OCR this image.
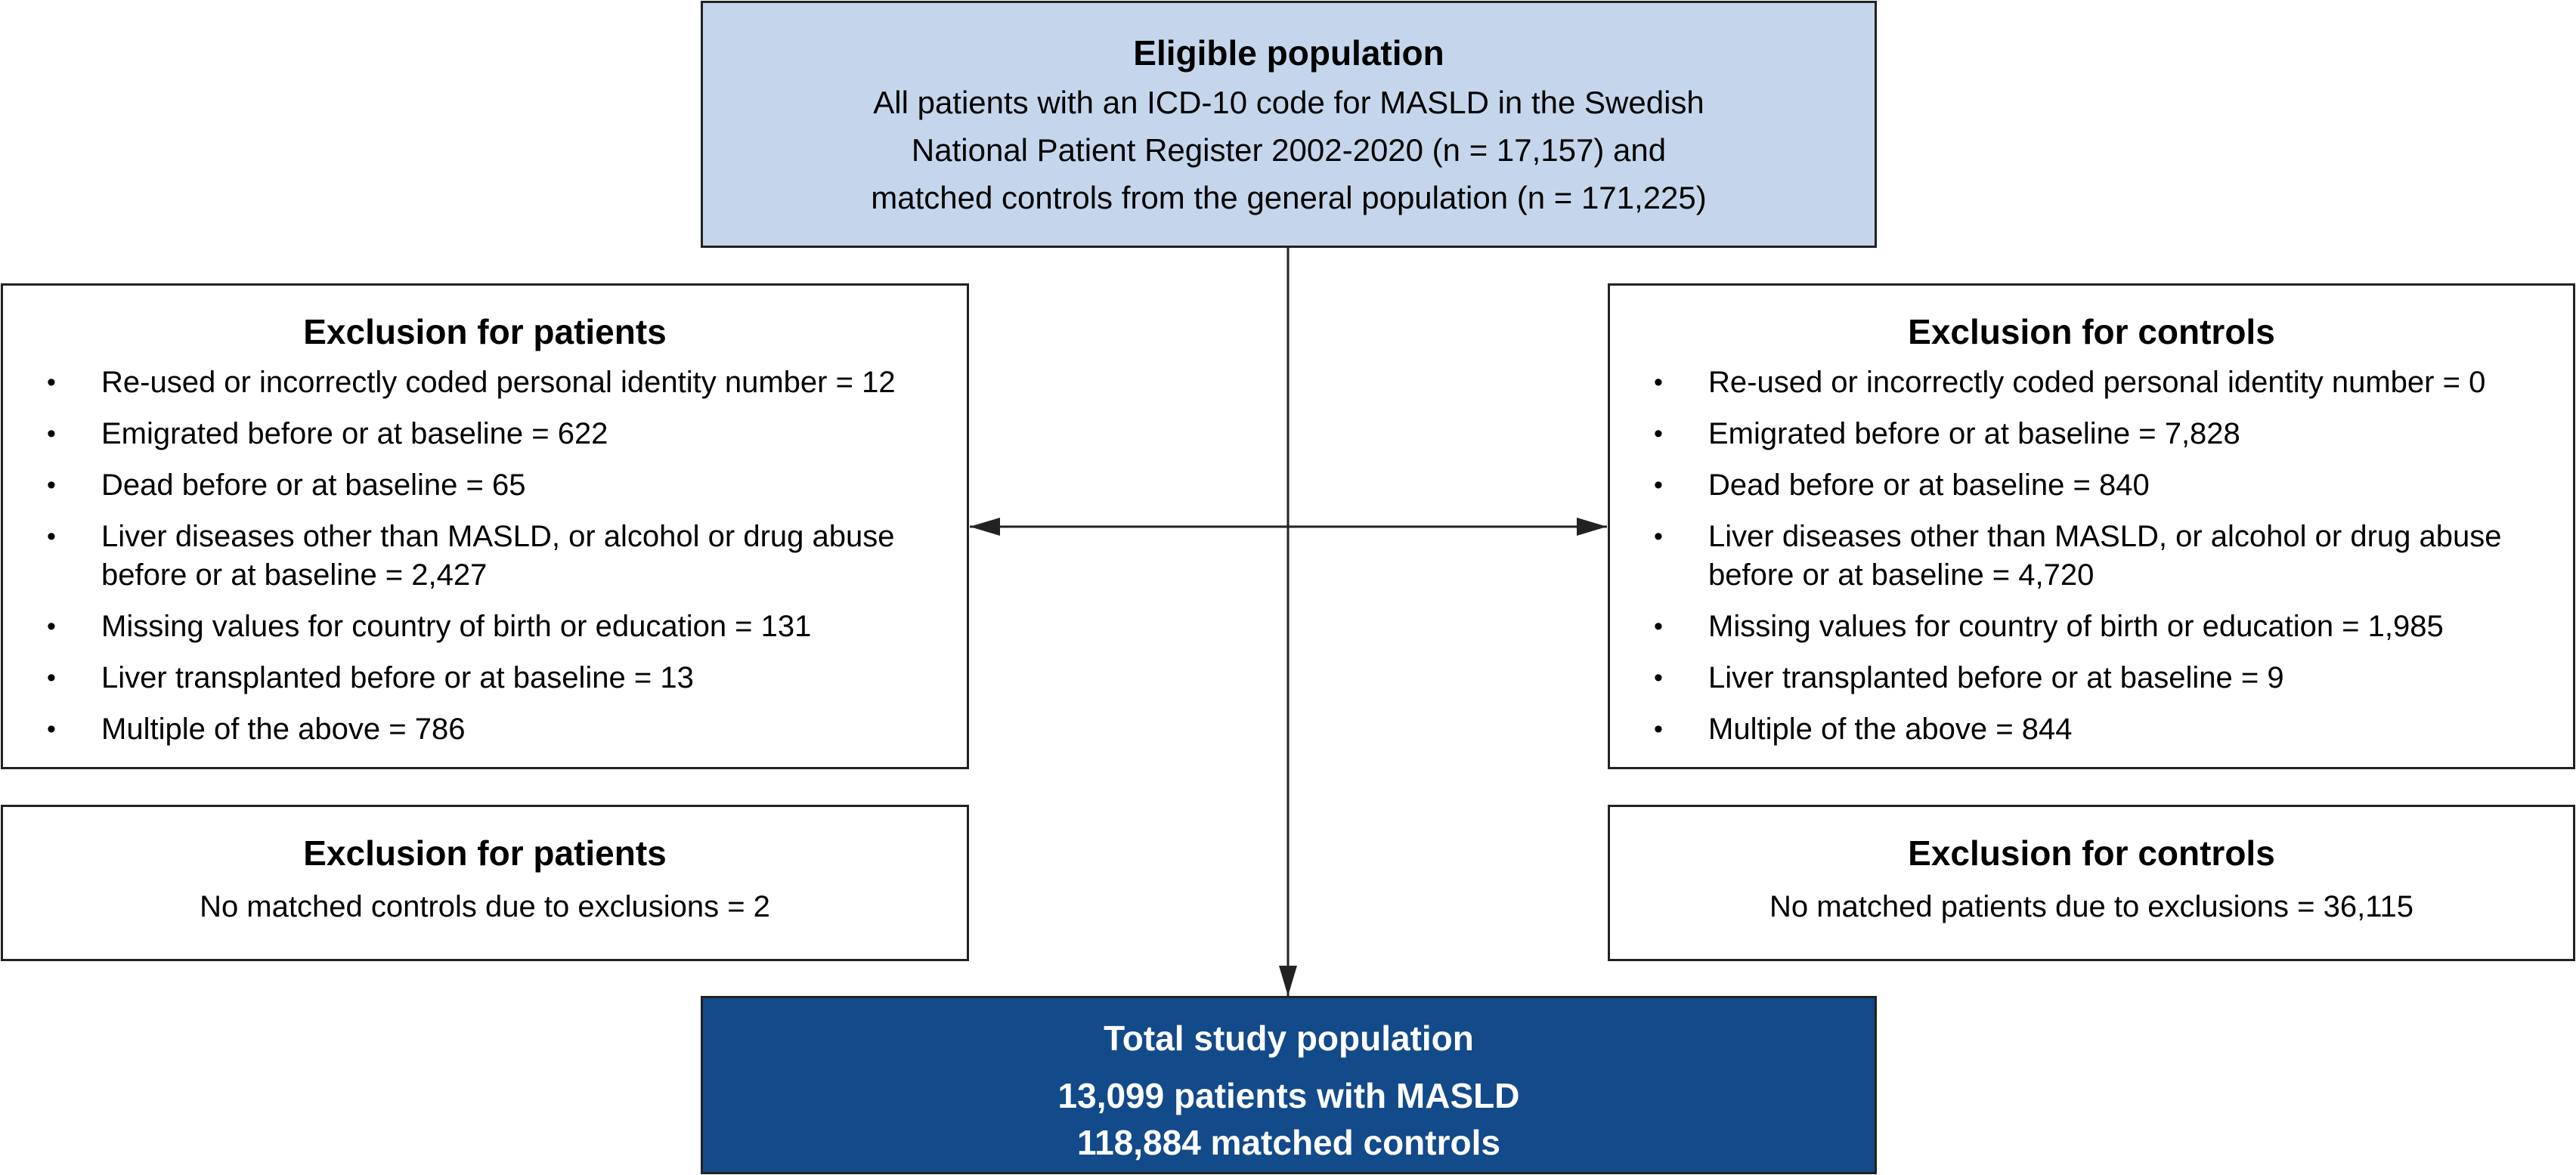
Eligible population
All patients with an ICD-10 code for MASLD in the Swedish
National Patient Register 2002-2020 (n = 17,157) and
matched controls from the general population (n = 171,225)
Exclusion for patients
• Re-used or incorrectly coded personal identity number = 12
• Emigrated before or at baseline = 622
• Dead before or at baseline = 65
• Liver diseases other than MASLD, or alcohol or drug abuse before or at baseline = 2,427
• Missing values for country of birth or education = 131
• Liver transplanted before or at baseline = 13
• Multiple of the above = 786
Exclusion for controls
• Re-used or incorrectly coded personal identity number = 0
• Emigrated before or at baseline = 7,828
• Dead before or at baseline = 840
• Liver diseases other than MASLD, or alcohol or drug abuse before or at baseline = 4,720
• Missing values for country of birth or education = 1,985
• Liver transplanted before or at baseline = 9
• Multiple of the above = 844
Exclusion for patients
No matched controls due to exclusions = 2
Exclusion for controls
No matched patients due to exclusions = 36,115
Total study population
13,099 patients with MASLD
118,884 matched controls
